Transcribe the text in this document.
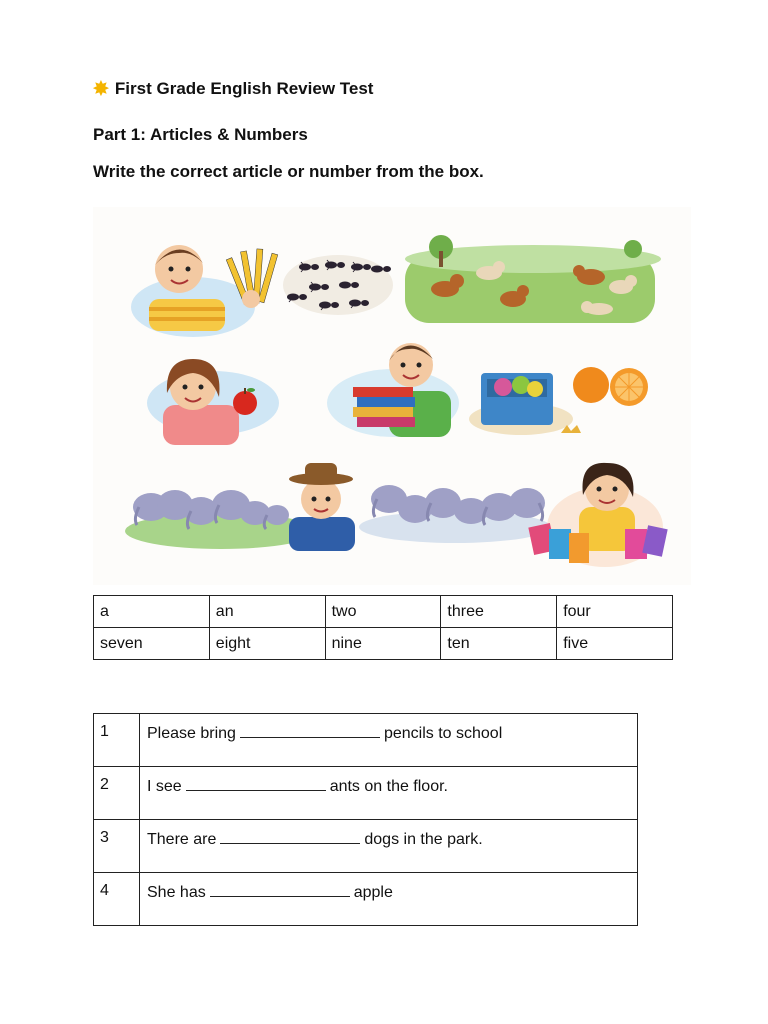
✸ First Grade English Review Test
Part 1: Articles & Numbers
Write the correct article or number from the box.
a	an	two	three	four
seven	eight	nine	ten	five
1	Please bring pencils to school
2	I see ants on the floor.
3	There are dogs in the park.
4	She has apple
